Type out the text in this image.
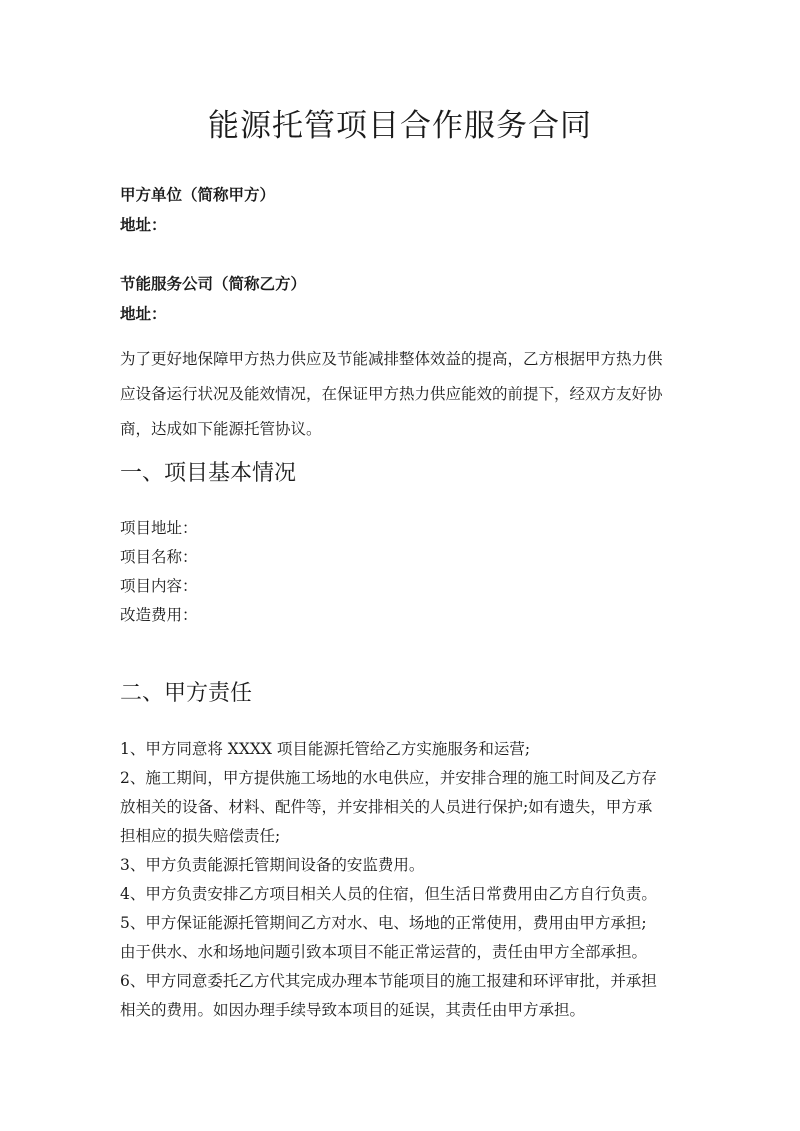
能源托管项目合作服务合同
甲方单位（简称甲方）
地址：
节能服务公司（简称乙方）
地址：
为了更好地保障甲方热力供应及节能减排整体效益的提高，乙方根据甲方热力供
应设备运行状况及能效情况，在保证甲方热力供应能效的前提下，经双方友好协
商，达成如下能源托管协议。
一、项目基本情况
项目地址：
项目名称：
项目内容：
改造费用：
二、甲方责任
1、甲方同意将 XXXX 项目能源托管给乙方实施服务和运营;
2、施工期间，甲方提供施工场地的水电供应，并安排合理的施工时间及乙方存
放相关的设备、材料、配件等，并安排相关的人员进行保护;如有遗失，甲方承
担相应的损失赔偿责任;
3、甲方负责能源托管期间设备的安监费用。
4、甲方负责安排乙方项目相关人员的住宿，但生活日常费用由乙方自行负责。
5、甲方保证能源托管期间乙方对水、电、场地的正常使用，费用由甲方承担;
由于供水、水和场地问题引致本项目不能正常运营的，责任由甲方全部承担。
6、甲方同意委托乙方代其完成办理本节能项目的施工报建和环评审批，并承担
相关的费用。如因办理手续导致本项目的延误，其责任由甲方承担。
